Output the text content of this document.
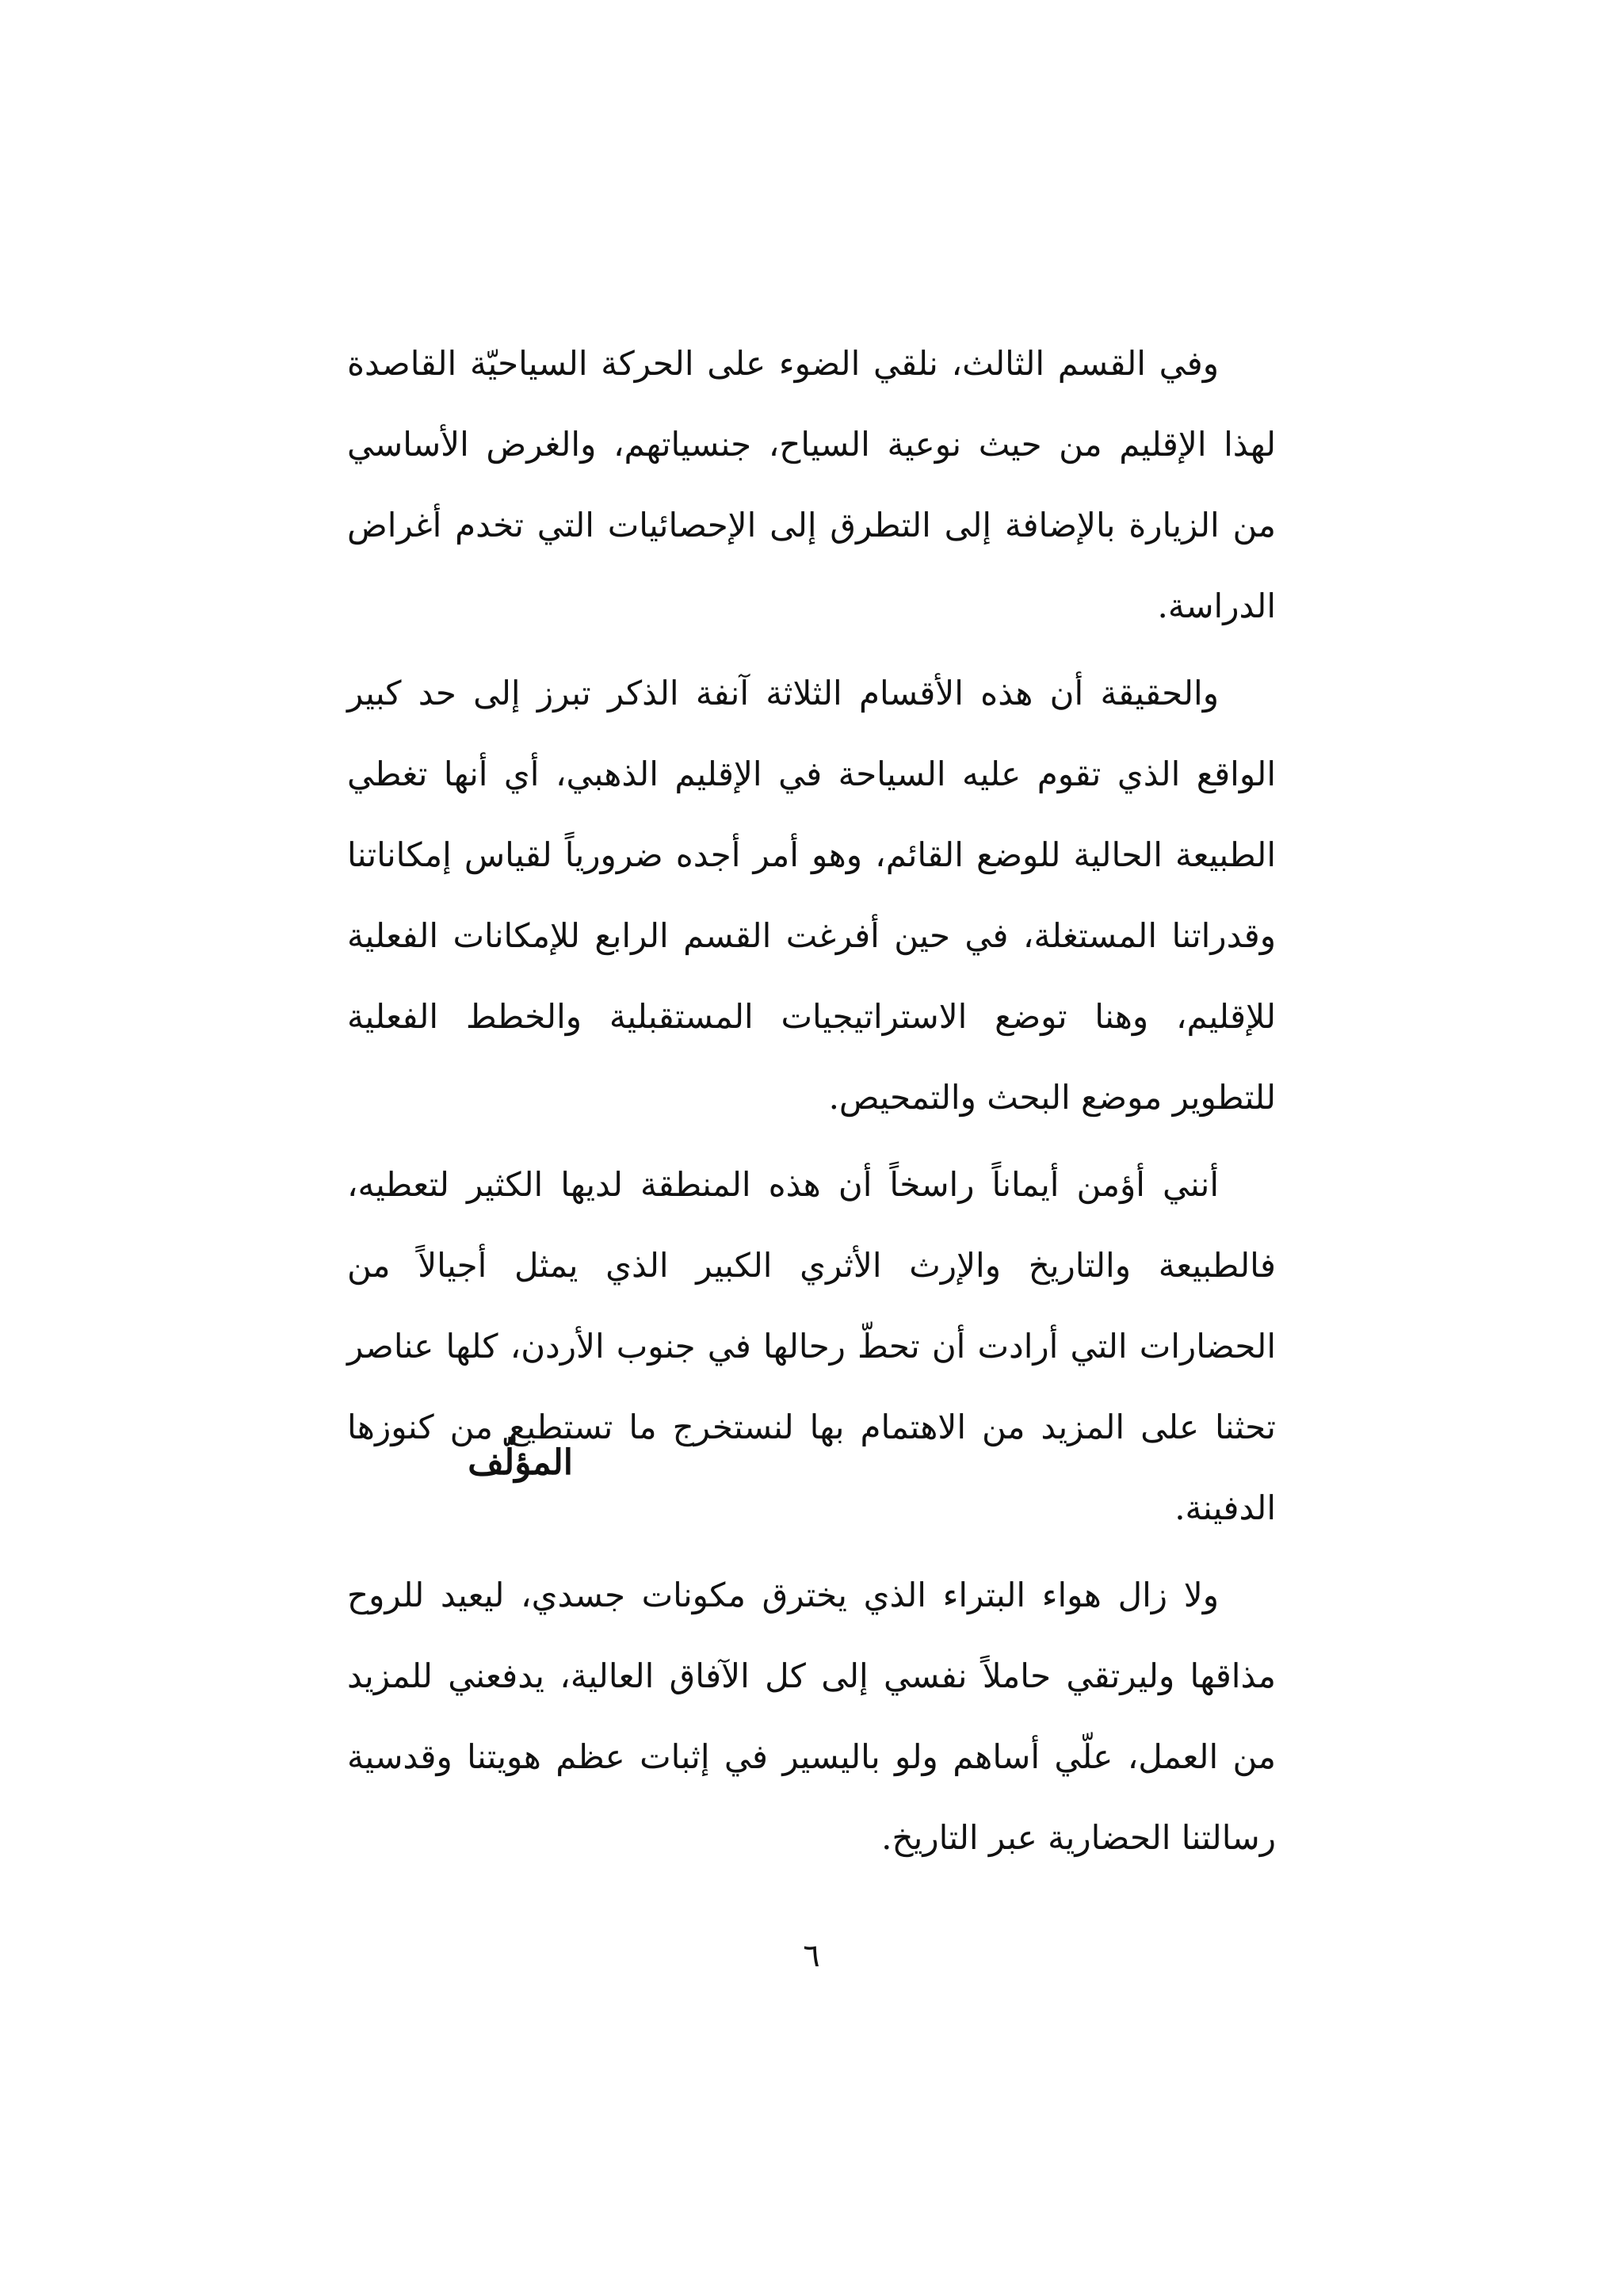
وفي القسم الثالث، نلقي الضوء على الحركة السياحيّة القاصدة لهذا الإقليم من حيث نوعية السياح، جنسياتهم، والغرض الأساسي من الزيارة بالإضافة إلى التطرق إلى الإحصائيات التي تخدم أغراض الدراسة.

والحقيقة أن هذه الأقسام الثلاثة آنفة الذكر تبرز إلى حد كبير الواقع الذي تقوم عليه السياحة في الإقليم الذهبي، أي أنها تغطي الطبيعة الحالية للوضع القائم، وهو أمر أجده ضرورياً لقياس إمكاناتنا وقدراتنا المستغلة، في حين أفرغت القسم الرابع للإمكانات الفعلية للإقليم، وهنا توضع الاستراتيجيات المستقبلية والخطط الفعلية للتطوير موضع البحث والتمحيص.

أنني أؤمن أيماناً راسخاً أن هذه المنطقة لديها الكثير لتعطيه، فالطبيعة والتاريخ والإرث الأثري الكبير الذي يمثل أجيالاً من الحضارات التي أرادت أن تحطّ رحالها في جنوب الأردن، كلها عناصر تحثنا على المزيد من الاهتمام بها لنستخرج ما تستطيع من كنوزها الدفينة.

ولا زال هواء البتراء الذي يخترق مكونات جسدي، ليعيد للروح مذاقها وليرتقي حاملاً نفسي إلى كل الآفاق العالية، يدفعني للمزيد من العمل، علّي أساهم ولو باليسير في إثبات عظم هويتنا وقدسية رسالتنا الحضارية عبر التاريخ.

المؤلّف

٦
